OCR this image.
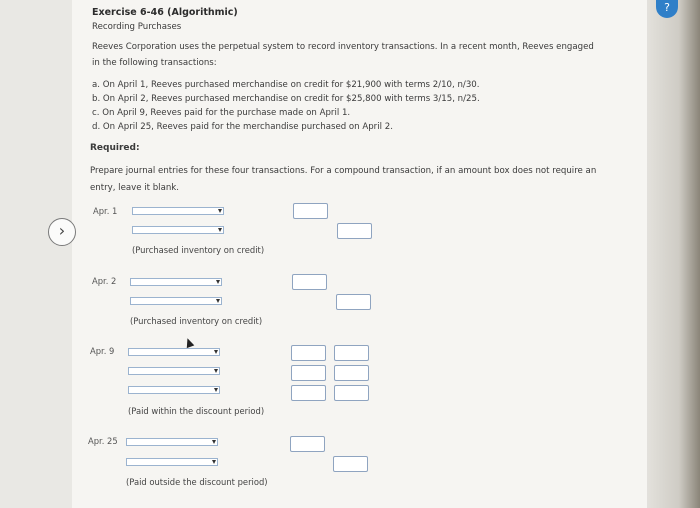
?
›
Exercise 6-46 (Algorithmic)
Recording Purchases
Reeves Corporation uses the perpetual system to record inventory transactions. In a recent month, Reeves engaged
in the following transactions:
a. On April 1, Reeves purchased merchandise on credit for $21,900 with terms 2/10, n/30.
b. On April 2, Reeves purchased merchandise on credit for $25,800 with terms 3/15, n/25.
c. On April 9, Reeves paid for the purchase made on April 1.
d. On April 25, Reeves paid for the merchandise purchased on April 2.
Required:
Prepare journal entries for these four transactions. For a compound transaction, if an amount box does not require an
entry, leave it blank.
Apr. 1
(Purchased inventory on credit)
Apr. 2
(Purchased inventory on credit)
Apr. 9
(Paid within the discount period)
Apr. 25
(Paid outside the discount period)
